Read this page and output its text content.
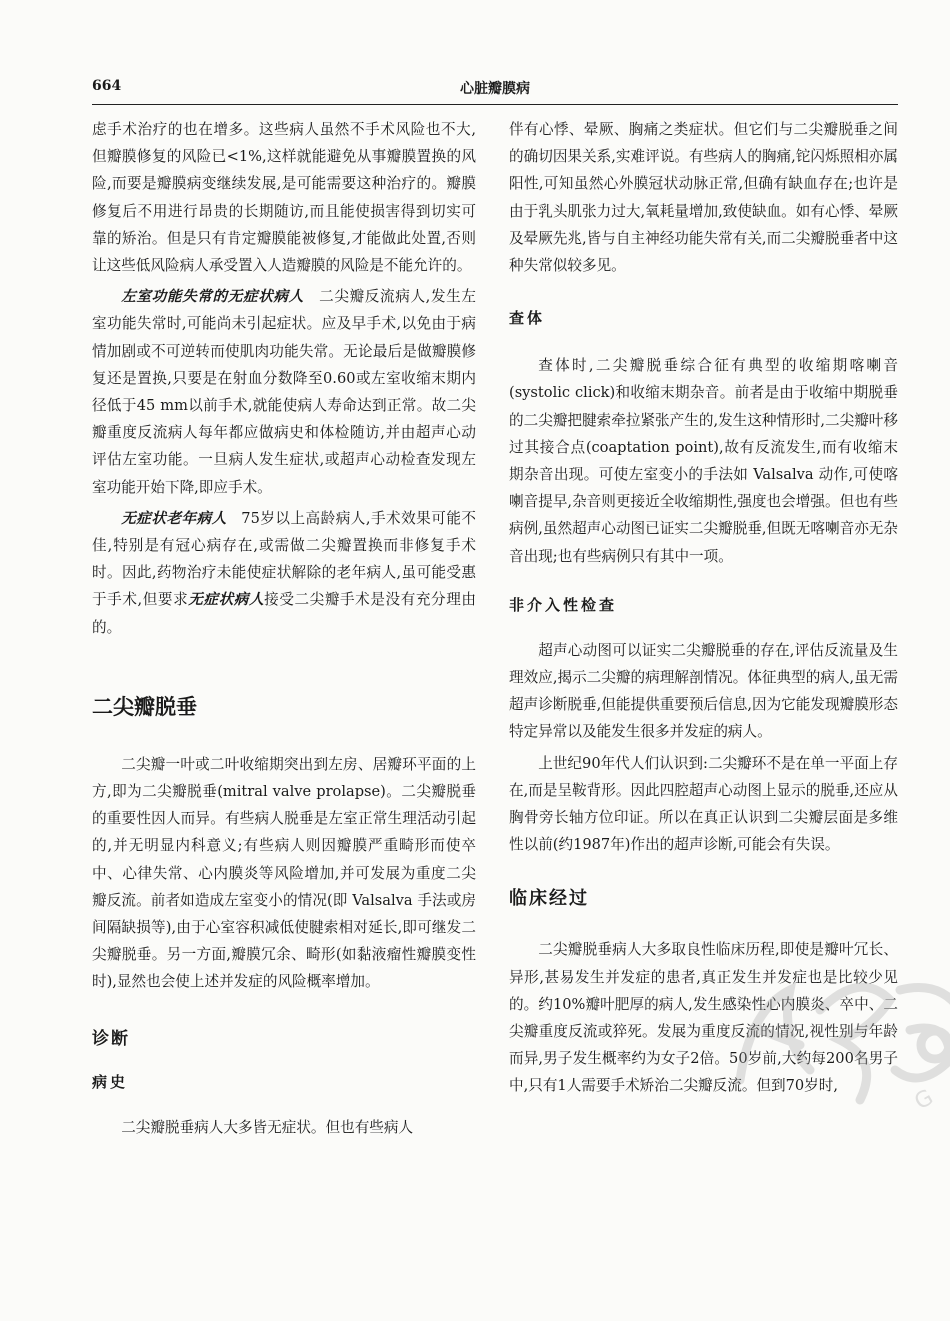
664	心脏瓣膜病

虑手术治疗的也在增多。这些病人虽然不手术风险也不大,但瓣膜修复的风险已<1%,这样就能避免从事瓣膜置换的风险,而要是瓣膜病变继续发展,是可能需要这种治疗的。瓣膜修复后不用进行昂贵的长期随访,而且能使损害得到切实可靠的矫治。但是只有肯定瓣膜能被修复,才能做此处置,否则让这些低风险病人承受置入人造瓣膜的风险是不能允许的。

左室功能失常的无症状病人  二尖瓣反流病人,发生左室功能失常时,可能尚未引起症状。应及早手术,以免由于病情加剧或不可逆转而使肌肉功能失常。无论最后是做瓣膜修复还是置换,只要是在射血分数降至0.60或左室收缩末期内径低于45 mm以前手术,就能使病人寿命达到正常。故二尖瓣重度反流病人每年都应做病史和体检随访,并由超声心动评估左室功能。一旦病人发生症状,或超声心动检查发现左室功能开始下降,即应手术。

无症状老年病人  75岁以上高龄病人,手术效果可能不佳,特别是有冠心病存在,或需做二尖瓣置换而非修复手术时。因此,药物治疗未能使症状解除的老年病人,虽可能受惠于手术,但要求无症状病人接受二尖瓣手术是没有充分理由的。

二尖瓣脱垂

二尖瓣一叶或二叶收缩期突出到左房、居瓣环平面的上方,即为二尖瓣脱垂(mitral valve prolapse)。二尖瓣脱垂的重要性因人而异。有些病人脱垂是左室正常生理活动引起的,并无明显内科意义;有些病人则因瓣膜严重畸形而使卒中、心律失常、心内膜炎等风险增加,并可发展为重度二尖瓣反流。前者如造成左室变小的情况(即 Valsalva 手法或房间隔缺损等),由于心室容积减低使腱索相对延长,即可继发二尖瓣脱垂。另一方面,瓣膜冗余、畸形(如黏液瘤性瓣膜变性时),显然也会使上述并发症的风险概率增加。

诊断
病史

二尖瓣脱垂病人大多皆无症状。但也有些病人

伴有心悸、晕厥、胸痛之类症状。但它们与二尖瓣脱垂之间的确切因果关系,实难评说。有些病人的胸痛,铊闪烁照相亦属阳性,可知虽然心外膜冠状动脉正常,但确有缺血存在;也许是由于乳头肌张力过大,氧耗量增加,致使缺血。如有心悸、晕厥及晕厥先兆,皆与自主神经功能失常有关,而二尖瓣脱垂者中这种失常似较多见。

查体

查体时,二尖瓣脱垂综合征有典型的收缩期喀喇音(systolic click)和收缩末期杂音。前者是由于收缩中期脱垂的二尖瓣把腱索牵拉紧张产生的,发生这种情形时,二尖瓣叶移过其接合点(coaptation point),故有反流发生,而有收缩末期杂音出现。可使左室变小的手法如 Valsalva 动作,可使喀喇音提早,杂音则更接近全收缩期性,强度也会增强。但也有些病例,虽然超声心动图已证实二尖瓣脱垂,但既无喀喇音亦无杂音出现;也有些病例只有其中一项。

非介入性检查

超声心动图可以证实二尖瓣脱垂的存在,评估反流量及生理效应,揭示二尖瓣的病理解剖情况。体征典型的病人,虽无需超声诊断脱垂,但能提供重要预后信息,因为它能发现瓣膜形态特定异常以及能发生很多并发症的病人。

上世纪90年代人们认识到:二尖瓣环不是在单一平面上存在,而是呈鞍背形。因此四腔超声心动图上显示的脱垂,还应从胸骨旁长轴方位印证。所以在真正认识到二尖瓣层面是多维性以前(约1987年)作出的超声诊断,可能会有失误。

临床经过

二尖瓣脱垂病人大多取良性临床历程,即使是瓣叶冗长、异形,甚易发生并发症的患者,真正发生并发症也是比较少见的。约10%瓣叶肥厚的病人,发生感染性心内膜炎、卒中、二尖瓣重度反流或猝死。发展为重度反流的情况,视性别与年龄而异,男子发生概率约为女子2倍。50岁前,大约每200名男子中,只有1人需要手术矫治二尖瓣反流。但到70岁时,	G
